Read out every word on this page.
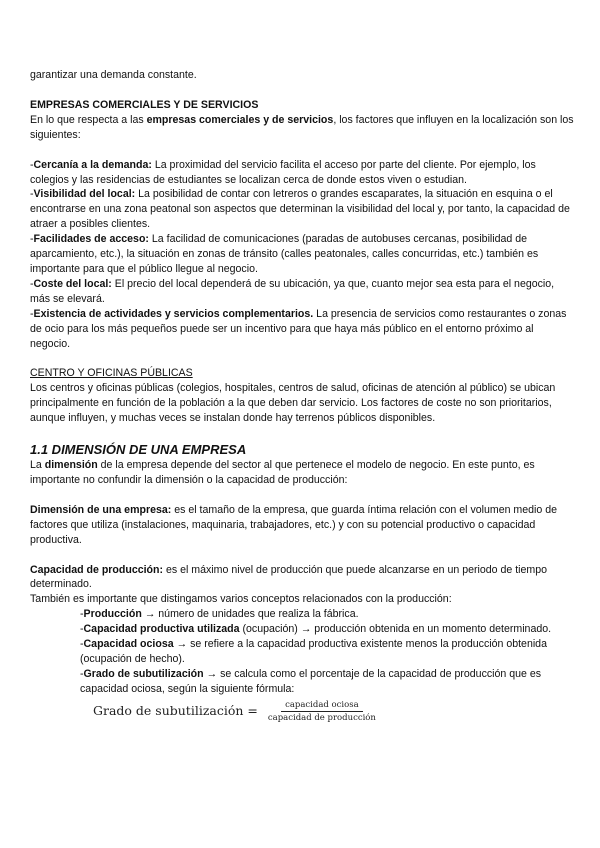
garantizar una demanda constante.

EMPRESAS COMERCIALES Y DE SERVICIOS

En lo que respecta a las empresas comerciales y de servicios, los factores que influyen en la localización son los siguientes:

-Cercanía a la demanda: La proximidad del servicio facilita el acceso por parte del cliente. Por ejemplo, los colegios y las residencias de estudiantes se localizan cerca de donde estos viven o estudian.

-Visibilidad del local: La posibilidad de contar con letreros o grandes escaparates, la situación en esquina o el encontrarse en una zona peatonal son aspectos que determinan la visibilidad del local y, por tanto, la capacidad de atraer a posibles clientes.

-Facilidades de acceso: La facilidad de comunicaciones (paradas de autobuses cercanas, posibilidad de aparcamiento, etc.), la situación en zonas de tránsito (calles peatonales, calles concurridas, etc.) también es importante para que el público llegue al negocio.

-Coste del local: El precio del local dependerá de su ubicación, ya que, cuanto mejor sea esta para el negocio, más se elevará.

-Existencia de actividades y servicios complementarios. La presencia de servicios como restaurantes o zonas de ocio para los más pequeños puede ser un incentivo para que haya más público en el entorno próximo al negocio.

CENTRO Y OFICINAS PÚBLICAS

Los centros y oficinas públicas (colegios, hospitales, centros de salud, oficinas de atención al público) se ubican principalmente en función de la población a la que deben dar servicio. Los factores de coste no son prioritarios, aunque influyen, y muchas veces se instalan donde hay terrenos públicos disponibles.

1.1 DIMENSIÓN DE UNA EMPRESA

La dimensión de la empresa depende del sector al que pertenece el modelo de negocio. En este punto, es importante no confundir la dimensión o la capacidad de producción:

Dimensión de una empresa: es el tamaño de la empresa, que guarda íntima relación con el volumen medio de factores que utiliza (instalaciones, maquinaria, trabajadores, etc.) y con su potencial productivo o capacidad productiva.

Capacidad de producción: es el máximo nivel de producción que puede alcanzarse en un periodo de tiempo determinado.

También es importante que distingamos varios conceptos relacionados con la producción:

-Producción → número de unidades que realiza la fábrica.

-Capacidad productiva utilizada (ocupación) → producción obtenida en un momento determinado.

-Capacidad ociosa → se refiere a la capacidad productiva existente menos la producción obtenida (ocupación de hecho).

-Grado de subutilización → se calcula como el porcentaje de la capacidad de producción que es capacidad ociosa, según la siguiente fórmula:

Grado de subutilización = $\frac{\text{capacidad ociosa}}{\text{capacidad de producción}}$
